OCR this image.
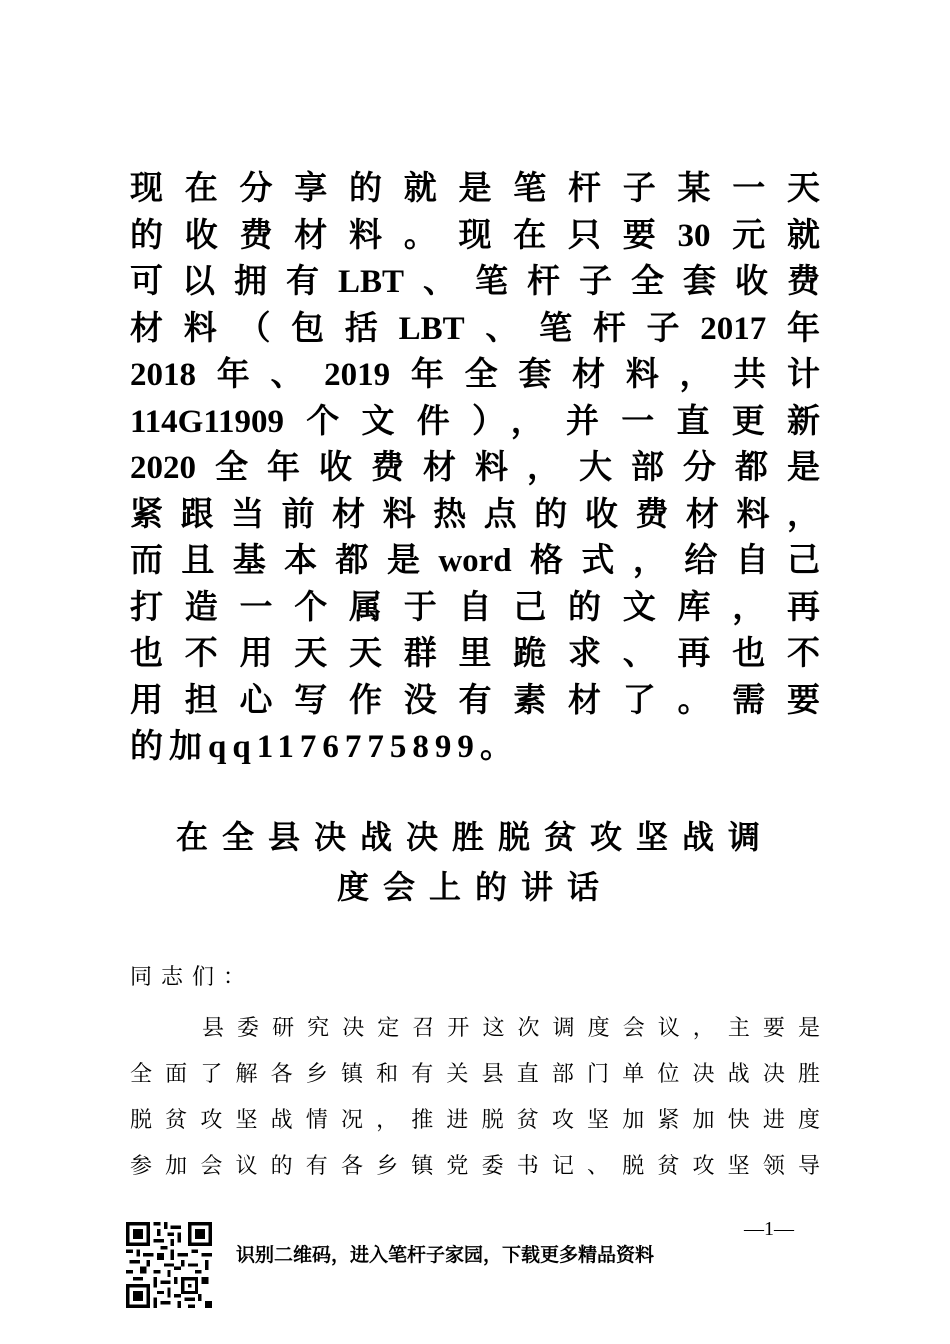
现在分享的就是笔杆子某一天
的收费材料。现在只要30元就
可以拥有LBT、笔杆子全套收费
材料（包括LBT、笔杆子2017年
2018年、2019年全套材料，共计
114G11909个文件），并一直更新
2020全年收费材料，大部分都是
紧跟当前材料热点的收费材料，
而且基本都是word格式，给自己
打造一个属于自己的文库，再
也不用天天群里跪求、再也不
用担心写作没有素材了。需要
的加qq1176775899。
在全县决战决胜脱贫攻坚战调
度会上的讲话

同志们：

县委研究决定召开这次调度会议，主要是
全面了解各乡镇和有关县直部门单位决战决胜
脱贫攻坚战情况，推进脱贫攻坚加紧加快进度
参加会议的有各乡镇党委书记、脱贫攻坚领导

识别二维码，进入笔杆子家园，下载更多精品资料

—1—
